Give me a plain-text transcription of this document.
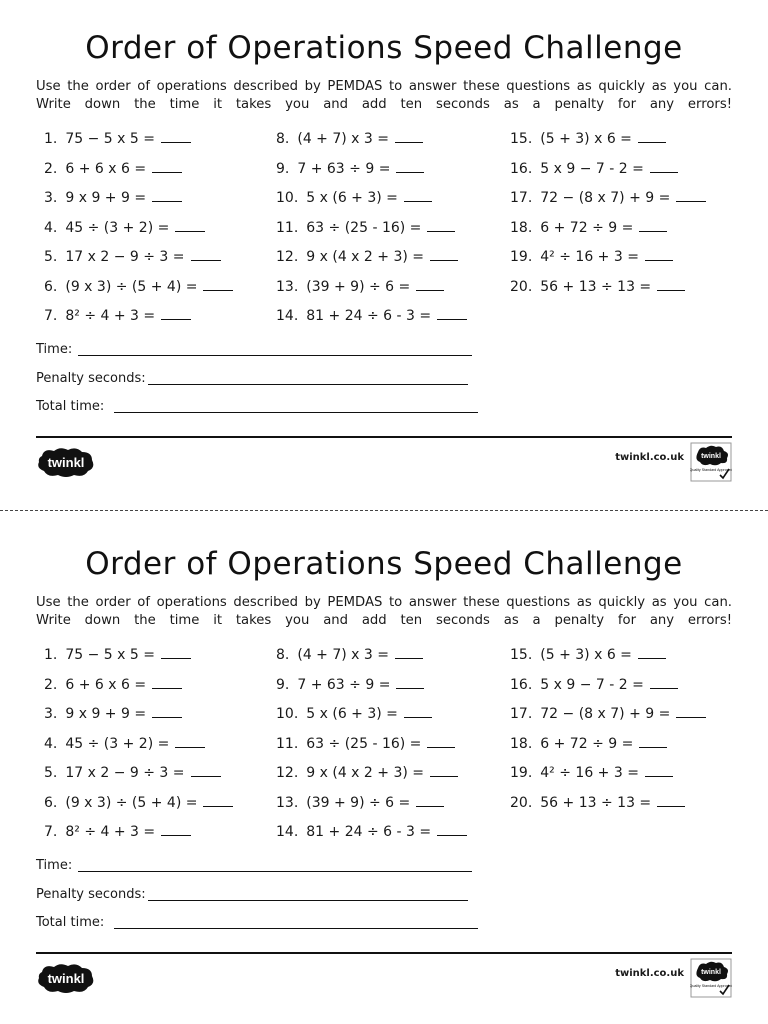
Order of Operations Speed Challenge
Use the order of operations described by PEMDAS to answer these questions as quickly as you can.
Write down the time it takes you and add ten seconds as a penalty for any errors!
1. 75 − 5 x 5 =
2. 6 + 6 x 6 =
3. 9 x 9 + 9 =
4. 45 ÷ (3 + 2) =
5. 17 x 2 − 9 ÷ 3 =
6. (9 x 3) ÷ (5 + 4) =
7. 8² ÷ 4 + 3 =
8. (4 + 7) x 3 =
9. 7 + 63 ÷ 9 =
10. 5 x (6 + 3) =
11. 63 ÷ (25 - 16) =
12. 9 x (4 x 2 + 3) =
13. (39 + 9) ÷ 6 =
14. 81 + 24 ÷ 6 - 3 =
15. (5 + 3) x 6 =
16. 5 x 9 − 7 - 2 =
17. 72 − (8 x 7) + 9 =
18. 6 + 72 ÷ 9 =
19. 4² ÷ 16 + 3 =
20. 56 + 13 ÷ 13 =
Time:
Penalty seconds:
Total time:
twinkl	twinkl.co.uk twinkl
Quality Standard Approved
Order of Operations Speed Challenge
Use the order of operations described by PEMDAS to answer these questions as quickly as you can.
Write down the time it takes you and add ten seconds as a penalty for any errors!
1. 75 − 5 x 5 =
2. 6 + 6 x 6 =
3. 9 x 9 + 9 =
4. 45 ÷ (3 + 2) =
5. 17 x 2 − 9 ÷ 3 =
6. (9 x 3) ÷ (5 + 4) =
7. 8² ÷ 4 + 3 =
8. (4 + 7) x 3 =
9. 7 + 63 ÷ 9 =
10. 5 x (6 + 3) =
11. 63 ÷ (25 - 16) =
12. 9 x (4 x 2 + 3) =
13. (39 + 9) ÷ 6 =
14. 81 + 24 ÷ 6 - 3 =
15. (5 + 3) x 6 =
16. 5 x 9 − 7 - 2 =
17. 72 − (8 x 7) + 9 =
18. 6 + 72 ÷ 9 =
19. 4² ÷ 16 + 3 =
20. 56 + 13 ÷ 13 =
Time:
Penalty seconds:
Total time:
twinkl	twinkl.co.uk twinkl
Quality Standard Approved
